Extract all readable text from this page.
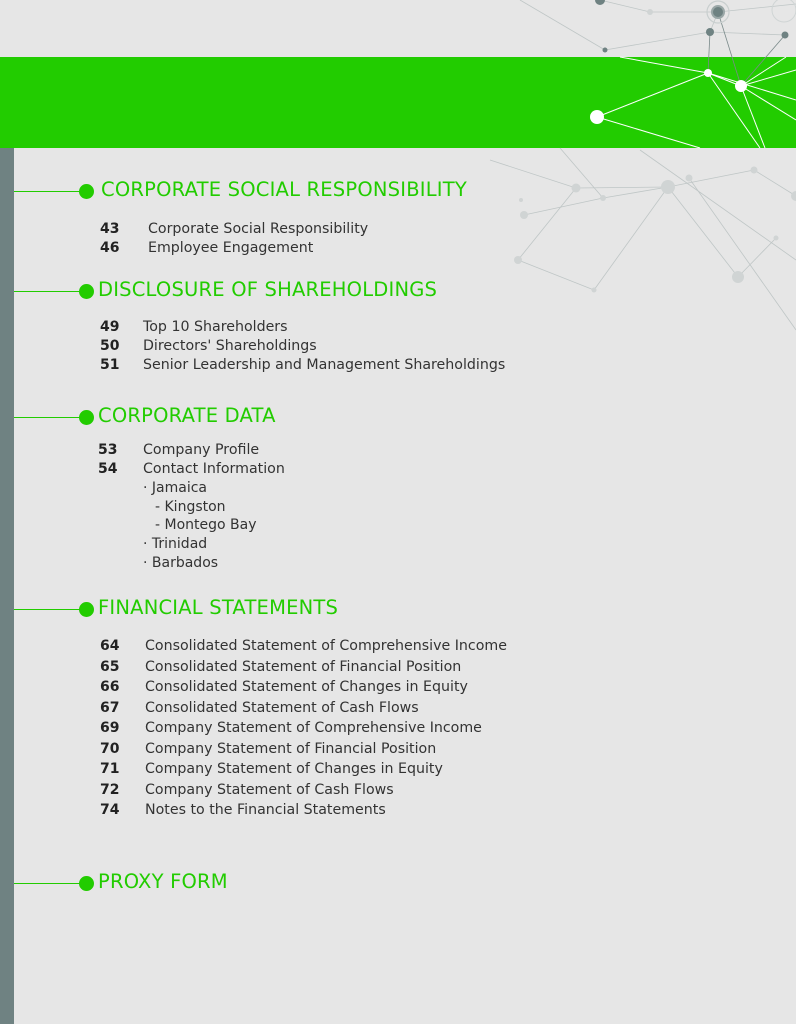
CORPORATE SOCIAL RESPONSIBILITY
43	Corporate Social Responsibility
46	Employee Engagement
DISCLOSURE OF SHAREHOLDINGS
49	Top 10 Shareholders
50	Directors' Shareholdings
51	Senior Leadership and Management Shareholdings
CORPORATE DATA
53	Company Profile
54	Contact Information
· Jamaica
- Kingston
- Montego Bay
· Trinidad
· Barbados
FINANCIAL STATEMENTS
64	Consolidated Statement of Comprehensive Income
65	Consolidated Statement of Financial Position
66	Consolidated Statement of Changes in Equity
67	Consolidated Statement of Cash Flows
69	Company Statement of Comprehensive Income
70	Company Statement of Financial Position
71	Company Statement of Changes in Equity
72	Company Statement of Cash Flows
74	Notes to the Financial Statements
PROXY FORM
